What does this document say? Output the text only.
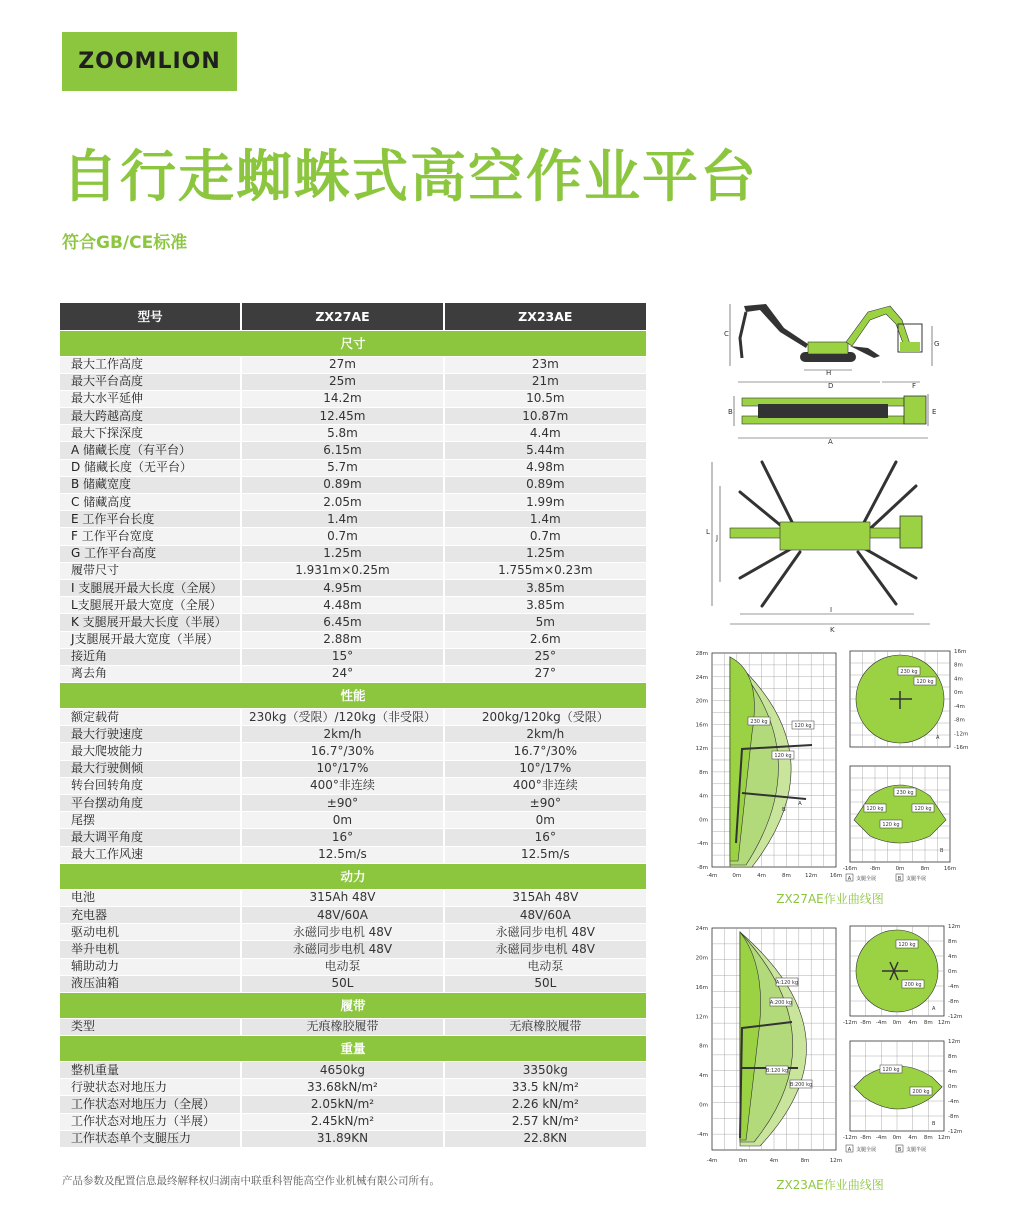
ZOOMLION
自行走蜘蛛式高空作业平台
符合GB/CE标准
型号	ZX27AE	ZX23AE
尺寸		
最大工作高度	27m	23m
最大平台高度	25m	21m
最大水平延伸	14.2m	10.5m
最大跨越高度	12.45m	10.87m
最大下探深度	5.8m	4.4m
A 储藏长度（有平台）	6.15m	5.44m
D 储藏长度（无平台）	5.7m	4.98m
B 储藏宽度	0.89m	0.89m
C 储藏高度	2.05m	1.99m
E 工作平台长度	1.4m	1.4m
F 工作平台宽度	0.7m	0.7m
G 工作平台高度	1.25m	1.25m
履带尺寸	1.931m×0.25m	1.755m×0.23m
I 支腿展开最大长度（全展）	4.95m	3.85m
L支腿展开最大宽度（全展）	4.48m	3.85m
K 支腿展开最大长度（半展）	6.45m	5m
J支腿展开最大宽度（半展）	2.88m	2.6m
接近角	15°	25°
离去角	24°	27°
性能		
额定载荷	230kg（受限）/120kg（非受限）	200kg/120kg（受限）
最大行驶速度	2km/h	2km/h
最大爬坡能力	16.7°/30%	16.7°/30%
最大行驶侧倾	10°/17%	10°/17%
转台回转角度	400°非连续	400°非连续
平台摆动角度	±90°	±90°
尾摆	0m	0m
最大调平角度	16°	16°
最大工作风速	12.5m/s	12.5m/s
动力		
电池	315Ah 48V	315Ah 48V
充电器	48V/60A	48V/60A
驱动电机	永磁同步电机 48V	永磁同步电机 48V
举升电机	永磁同步电机 48V	永磁同步电机 48V
辅助动力	电动泵	电动泵
液压油箱	50L	50L
履带		
类型	无痕橡胶履带	无痕橡胶履带
重量		
整机重量	4650kg	3350kg
行驶状态对地压力	33.68kN/m²	33.5 kN/m²
工作状态对地压力（全展）	2.05kN/m²	2.26 kN/m²
工作状态对地压力（半展）	2.45kN/m²	2.57 kN/m²
工作状态单个支腿压力	31.89KN	22.8KN
C
G
H
D	F
B	E
A
L
J
I
K
28m
24m
20m
16m
12m
8m
4m
0m
-4m
-8m
-4m	0m	4m	8m	12m 16m
230 kg
120 kg
120 kg
A
B
230 kg
120 kg
16m
8m
4m
0m
-4m
-8m
-12m
-16m
A
230 kg
120 kg	120 kg
120 kg
B
-16m -8m	0m	8m	16m
A 支腿全展	B 支腿半展
ZX27AE作业曲线图
24m
20m
16m
12m
8m
4m
0m
-4m
-4m	0m	4m	8m	12m
A:120 kg
A:200 kg
B:120 kg
B:200 kg
120 kg
200 kg
12m
8m
4m
0m
-4m
-8m
-12m
-12m -8m -4m 0m 4m 8m 12m
A
120 kg
200 kg
12m
8m
4m
0m
-4m
-8m
-12m
-12m -8m -4m 0m 4m 8m 12m
B
A 支腿全展	B 支腿半展
ZX23AE作业曲线图
产品参数及配置信息最终解释权归湖南中联重科智能高空作业机械有限公司所有。
